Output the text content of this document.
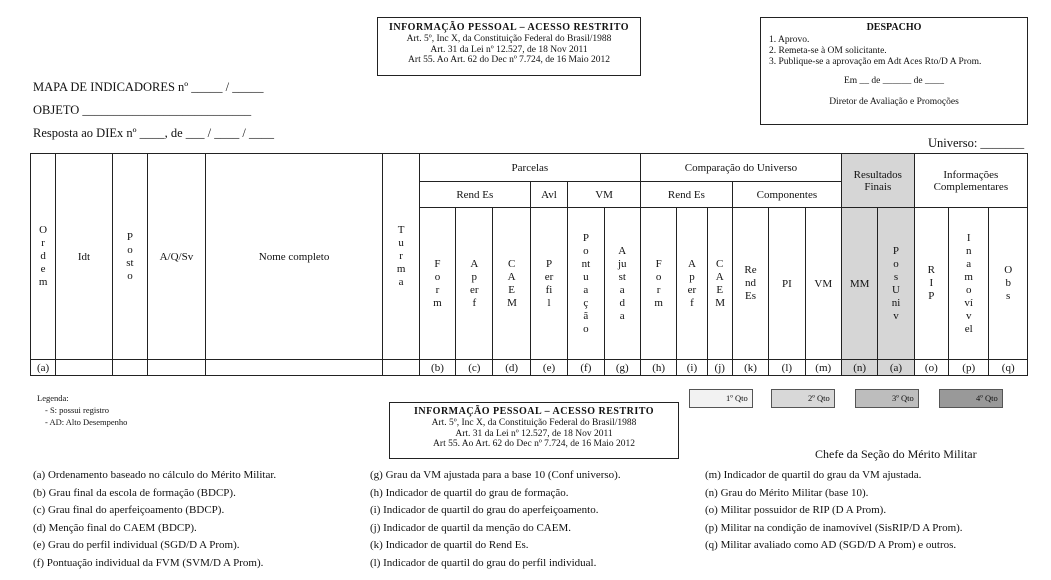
INFORMAÇÃO PESSOAL – ACESSO RESTRITO
Art. 5º, Inc X, da Constituição Federal do Brasil/1988
Art. 31 da Lei nº 12.527, de 18 Nov 2011
Art 55. Ao Art. 62 do Dec nº 7.724, de 16 Maio 2012
DESPACHO
1. Aprovo.
2. Remeta-se à OM solicitante.
3. Publique-se a aprovação em Adt Aces Rto/D A Prom.
Em __ de ______ de ____
Diretor de Avaliação e Promoções
MAPA DE INDICADORES nº _____ / _____
OBJETO ___________________________
Resposta ao DIEx nº ____, de ___ / ____ / ____
Universo: _______
Ordem	Idt	Posto	A/Q/Sv	Nome completo	Turma	Parcelas						Comparação do Universo						Resultados Finais		Informações Complementares		
						Rend Es			Avl	VM		Rend Es			Componentes							
						Form	Aperf	CAEM	Perfil	Pontuação	Ajustada	Form	Aperf	CAEM	Rend Es	PI	VM	MM	Pos Univ	RIP	Inamovível	Obs
(a)						(b)	(c)	(d)	(e)	(f)	(g)	(h)	(i)	(j)	(k)	(l)	(m)	(n)	(a)	(o)	(p)	(q)
Legenda:
- S: possui registro
- AD: Alto Desempenho
INFORMAÇÃO PESSOAL – ACESSO RESTRITO
Art. 5º, Inc X, da Constituição Federal do Brasil/1988
Art. 31 da Lei nº 12.527, de 18 Nov 2011
Art 55. Ao Art. 62 do Dec nº 7.724, de 16 Maio 2012
1º Qto	2º Qto	3º Qto	4º Qto
Chefe da Seção do Mérito Militar
(a) Ordenamento baseado no cálculo do Mérito Militar.
(b) Grau final da escola de formação (BDCP).
(c) Grau final do aperfeiçoamento (BDCP).
(d) Menção final do CAEM (BDCP).
(e) Grau do perfil individual (SGD/D A Prom).
(f) Pontuação individual da FVM (SVM/D A Prom).
(g) Grau da VM ajustada para a base 10 (Conf universo).
(h) Indicador de quartil do grau de formação.
(i) Indicador de quartil do grau do aperfeiçoamento.
(j) Indicador de quartil da menção do CAEM.
(k) Indicador de quartil do Rend Es.
(l) Indicador de quartil do grau do perfil individual.
(m) Indicador de quartil do grau da VM ajustada.
(n) Grau do Mérito Militar (base 10).
(o) Militar possuidor de RIP (D A Prom).
(p) Militar na condição de inamovível (SisRIP/D A Prom).
(q) Militar avaliado como AD (SGD/D A Prom) e outros.
